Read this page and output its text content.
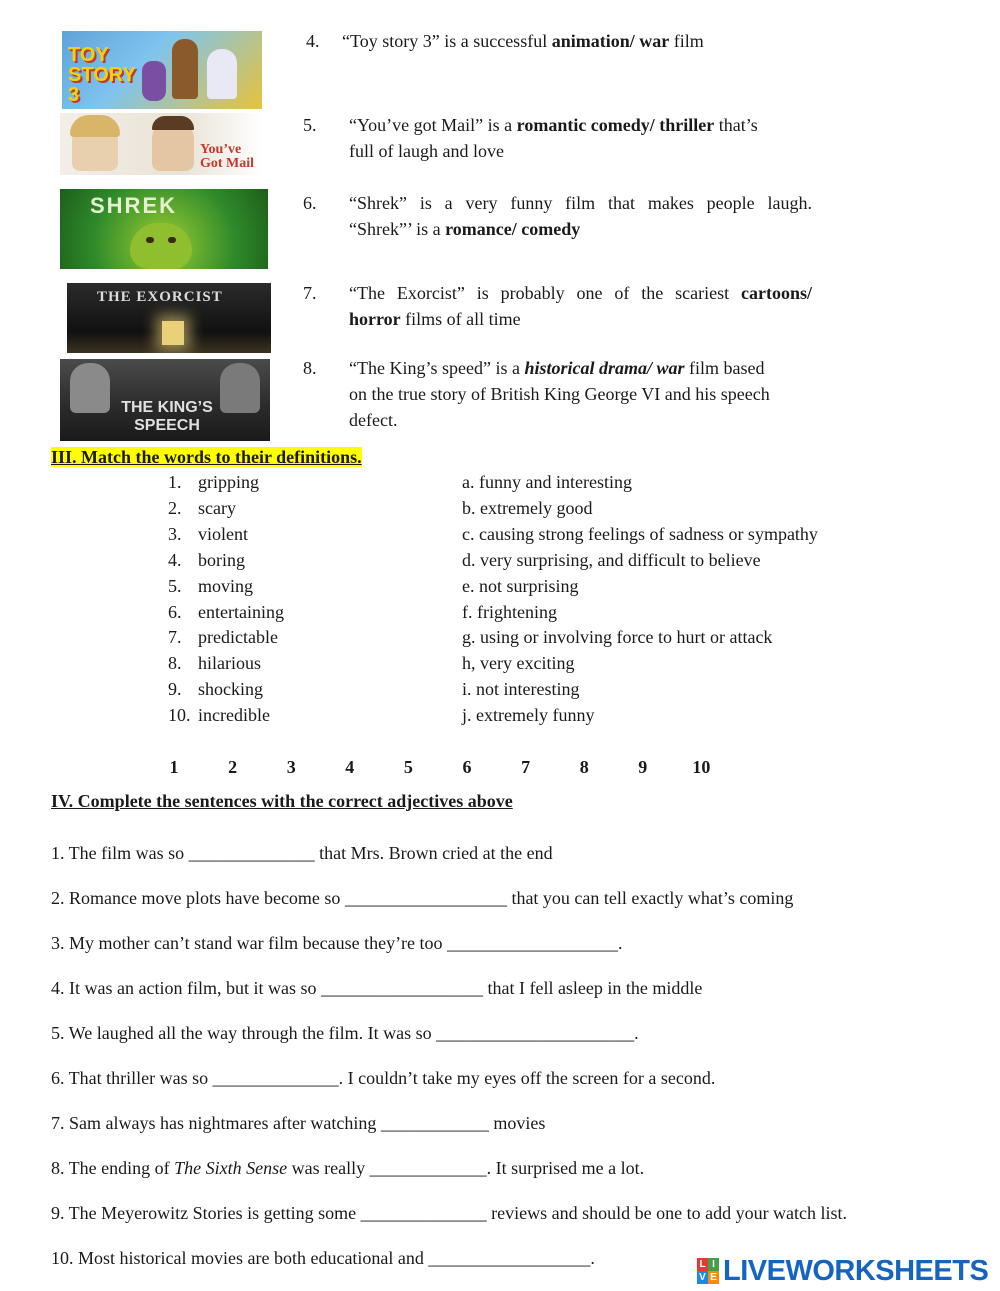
TOY STORY 3
You’ve Got Mail
SHREK
THE EXORCIST
THE KING’S SPEECH
4. “Toy story 3” is a successful animation/ war film
5. “You’ve got Mail” is a romantic comedy/ thriller that’s
full of laugh and love
6. “Shrek” is a very funny film that makes people laugh.
“Shrek”’ is a romance/ comedy
7. “The Exorcist” is probably one of the scariest cartoons/
horror films of all time
8. “The King’s speed” is a historical drama/ war film based
on the true story of British King George VI and his speech
defect.
III. Match the words to their definitions.
1. gripping	a. funny and interesting
2. scary	b. extremely good
3. violent	c. causing strong feelings of sadness or sympathy
4. boring	d. very surprising, and difficult to believe
5. moving	e. not surprising
6. entertaining	f. frightening
7. predictable	g. using or involving force to hurt or attack
8. hilarious	h, very exciting
9. shocking	i. not interesting
10. incredible	j. extremely funny
1	2	3	4	5	6	7	8	9	10
IV. Complete the sentences with the correct adjectives above
1. The film was so ______________ that Mrs. Brown cried at the end
2. Romance move plots have become so __________________ that you can tell exactly what’s coming
3. My mother can’t stand war film because they’re too ___________________.
4. It was an action film, but it was so __________________ that I fell asleep in the middle
5. We laughed all the way through the film. It was so ______________________.
6. That thriller was so ______________. I couldn’t take my eyes off the screen for a second.
7. Sam always has nightmares after watching ____________ movies
8. The ending of The Sixth Sense was really _____________. It surprised me a lot.
9. The Meyerowitz Stories is getting some ______________ reviews and should be one to add your watch list.
10. Most historical movies are both educational and __________________.	L I
V E LIVEWORKSHEETS
